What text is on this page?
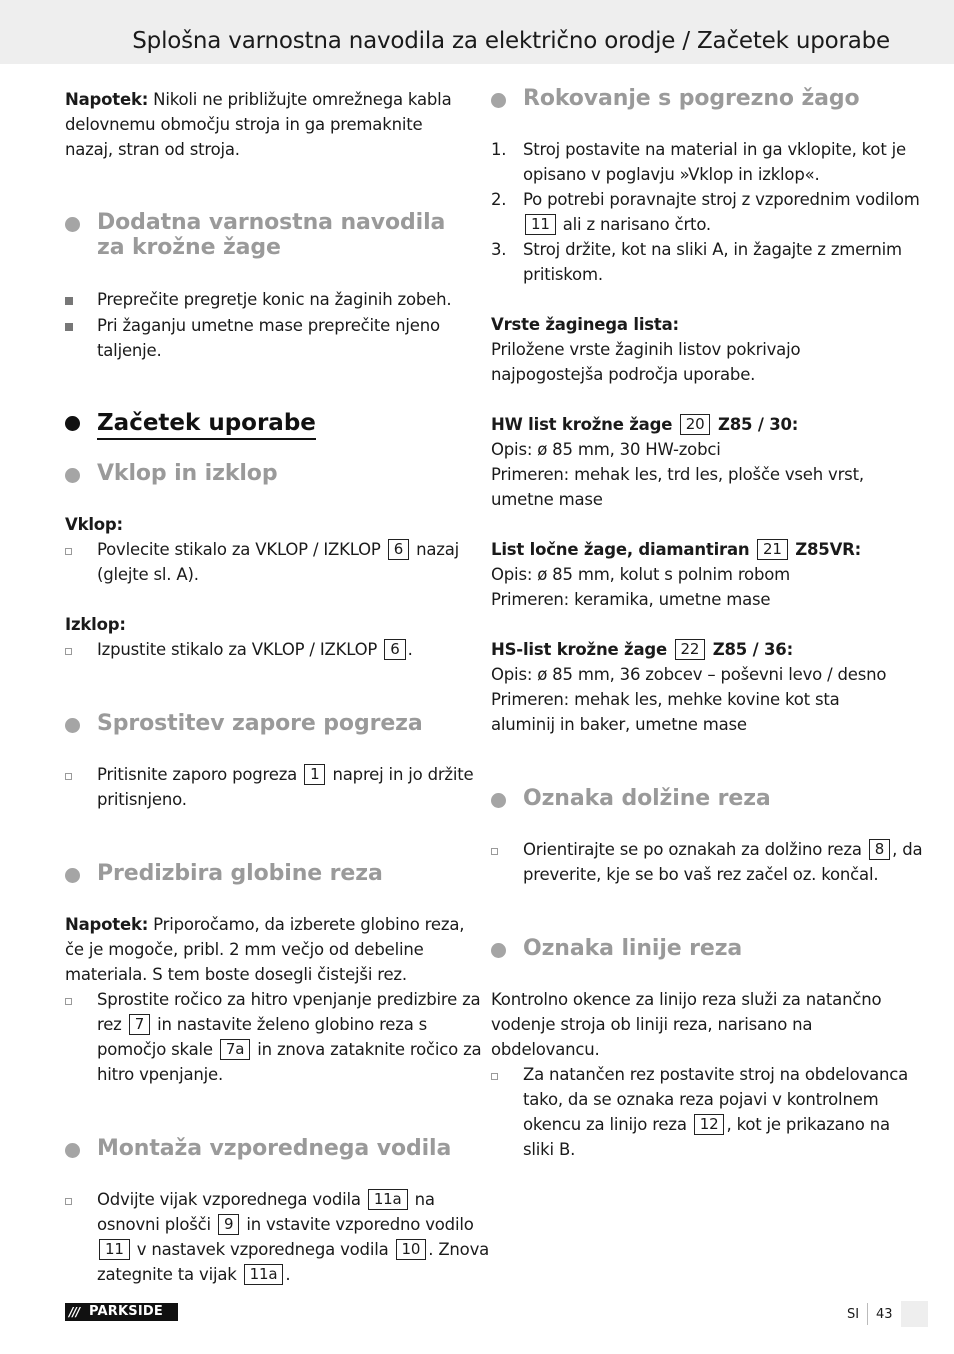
Splošna varnostna navodila za električno orodje / Začetek uporabe
Napotek: Nikoli ne približujte omrežnega kabla delovnemu območju stroja in ga premaknite nazaj, stran od stroja.
Dodatna varnostna navodila za krožne žage
Preprečite pregretje konic na žaginih zobeh.
Pri žaganju umetne mase preprečite njeno taljenje.
Začetek uporabe
Vklop in izklop
Vklop:
Povlecite stikalo za VKLOP / IZKLOP 6 nazaj (glejte sl. A).
Izklop:
Izpustite stikalo za VKLOP / IZKLOP 6 .
Sprostitev zapore pogreza
Pritisnite zaporo pogreza 1 naprej in jo držite pritisnjeno.
Predizbira globine reza
Napotek: Priporočamo, da izberete globino reza, če je mogoče, pribl. 2 mm večjo od debeline materiala. S tem boste dosegli čistejši rez.
Sprostite ročico za hitro vpenjanje predizbire za rez 7 in nastavite želeno globino reza s pomočjo skale 7a in znova zataknite ročico za hitro vpenjanje.
Montaža vzporednega vodila
Odvijte vijak vzporednega vodila 11a na osnovni plošči 9 in vstavite vzporedno vodilo 11 v nastavek vzporednega vodila 10 . Znova zategnite ta vijak 11a .
Rokovanje s pogrezno žago
1. Stroj postavite na material in ga vklopite, kot je opisano v poglavju »Vklop in izklop«.
2. Po potrebi poravnajte stroj z vzporednim vodilom 11 ali z narisano črto.
3. Stroj držite, kot na sliki A, in žagajte z zmernim pritiskom.
Vrste žaginega lista:
Priložene vrste žaginih listov pokrivajo najpogostejša področja uporabe.
HW list krožne žage 20 Z85 / 30:
Opis: ø 85 mm, 30 HW-zobci
Primeren: mehak les, trd les, plošče vseh vrst, umetne mase
List ločne žage, diamantiran 21 Z85VR:
Opis: ø 85 mm, kolut s polnim robom
Primeren: keramika, umetne mase
HS-list krožne žage 22 Z85 / 36:
Opis: ø 85 mm, 36 zobcev – poševni levo / desno
Primeren: mehak les, mehke kovine kot sta aluminij in baker, umetne mase
Oznaka dolžine reza
Orientirajte se po oznakah za dolžino reza 8 , da preverite, kje se bo vaš rez začel oz. končal.
Oznaka linije reza
Kontrolno okence za linijo reza služi za natančno vodenje stroja ob liniji reza, narisano na obdelovancu.
Za natančen rez postavite stroj na obdelovanca tako, da se oznaka reza pojavi v kontrolnem okencu za linijo reza 12 , kot je prikazano na sliki B.
/// PARKSIDE	SI 43
